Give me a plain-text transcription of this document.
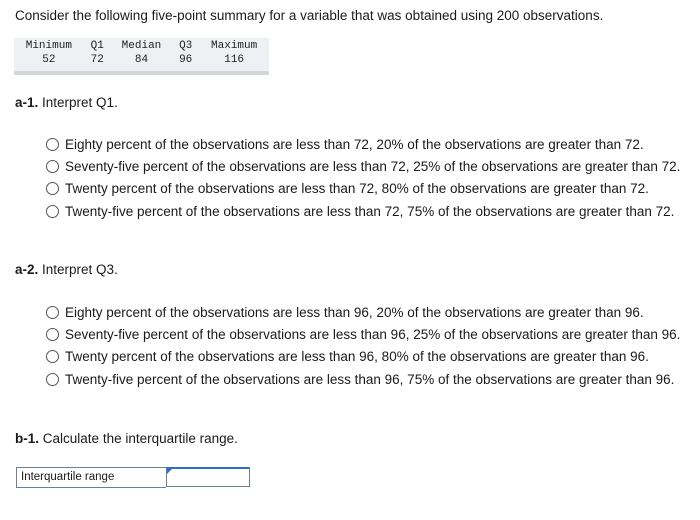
Consider the following five-point summary for a variable that was obtained using 200 observations.
Minimum	Q1	Median	Q3	Maximum
52	72	84	96	116
a-1. Interpret Q1.
Eighty percent of the observations are less than 72, 20% of the observations are greater than 72.
Seventy-five percent of the observations are less than 72, 25% of the observations are greater than 72.
Twenty percent of the observations are less than 72, 80% of the observations are greater than 72.
Twenty-five percent of the observations are less than 72, 75% of the observations are greater than 72.
a-2. Interpret Q3.
Eighty percent of the observations are less than 96, 20% of the observations are greater than 96.
Seventy-five percent of the observations are less than 96, 25% of the observations are greater than 96.
Twenty percent of the observations are less than 96, 80% of the observations are greater than 96.
Twenty-five percent of the observations are less than 96, 75% of the observations are greater than 96.
b-1. Calculate the interquartile range.
Interquartile range
